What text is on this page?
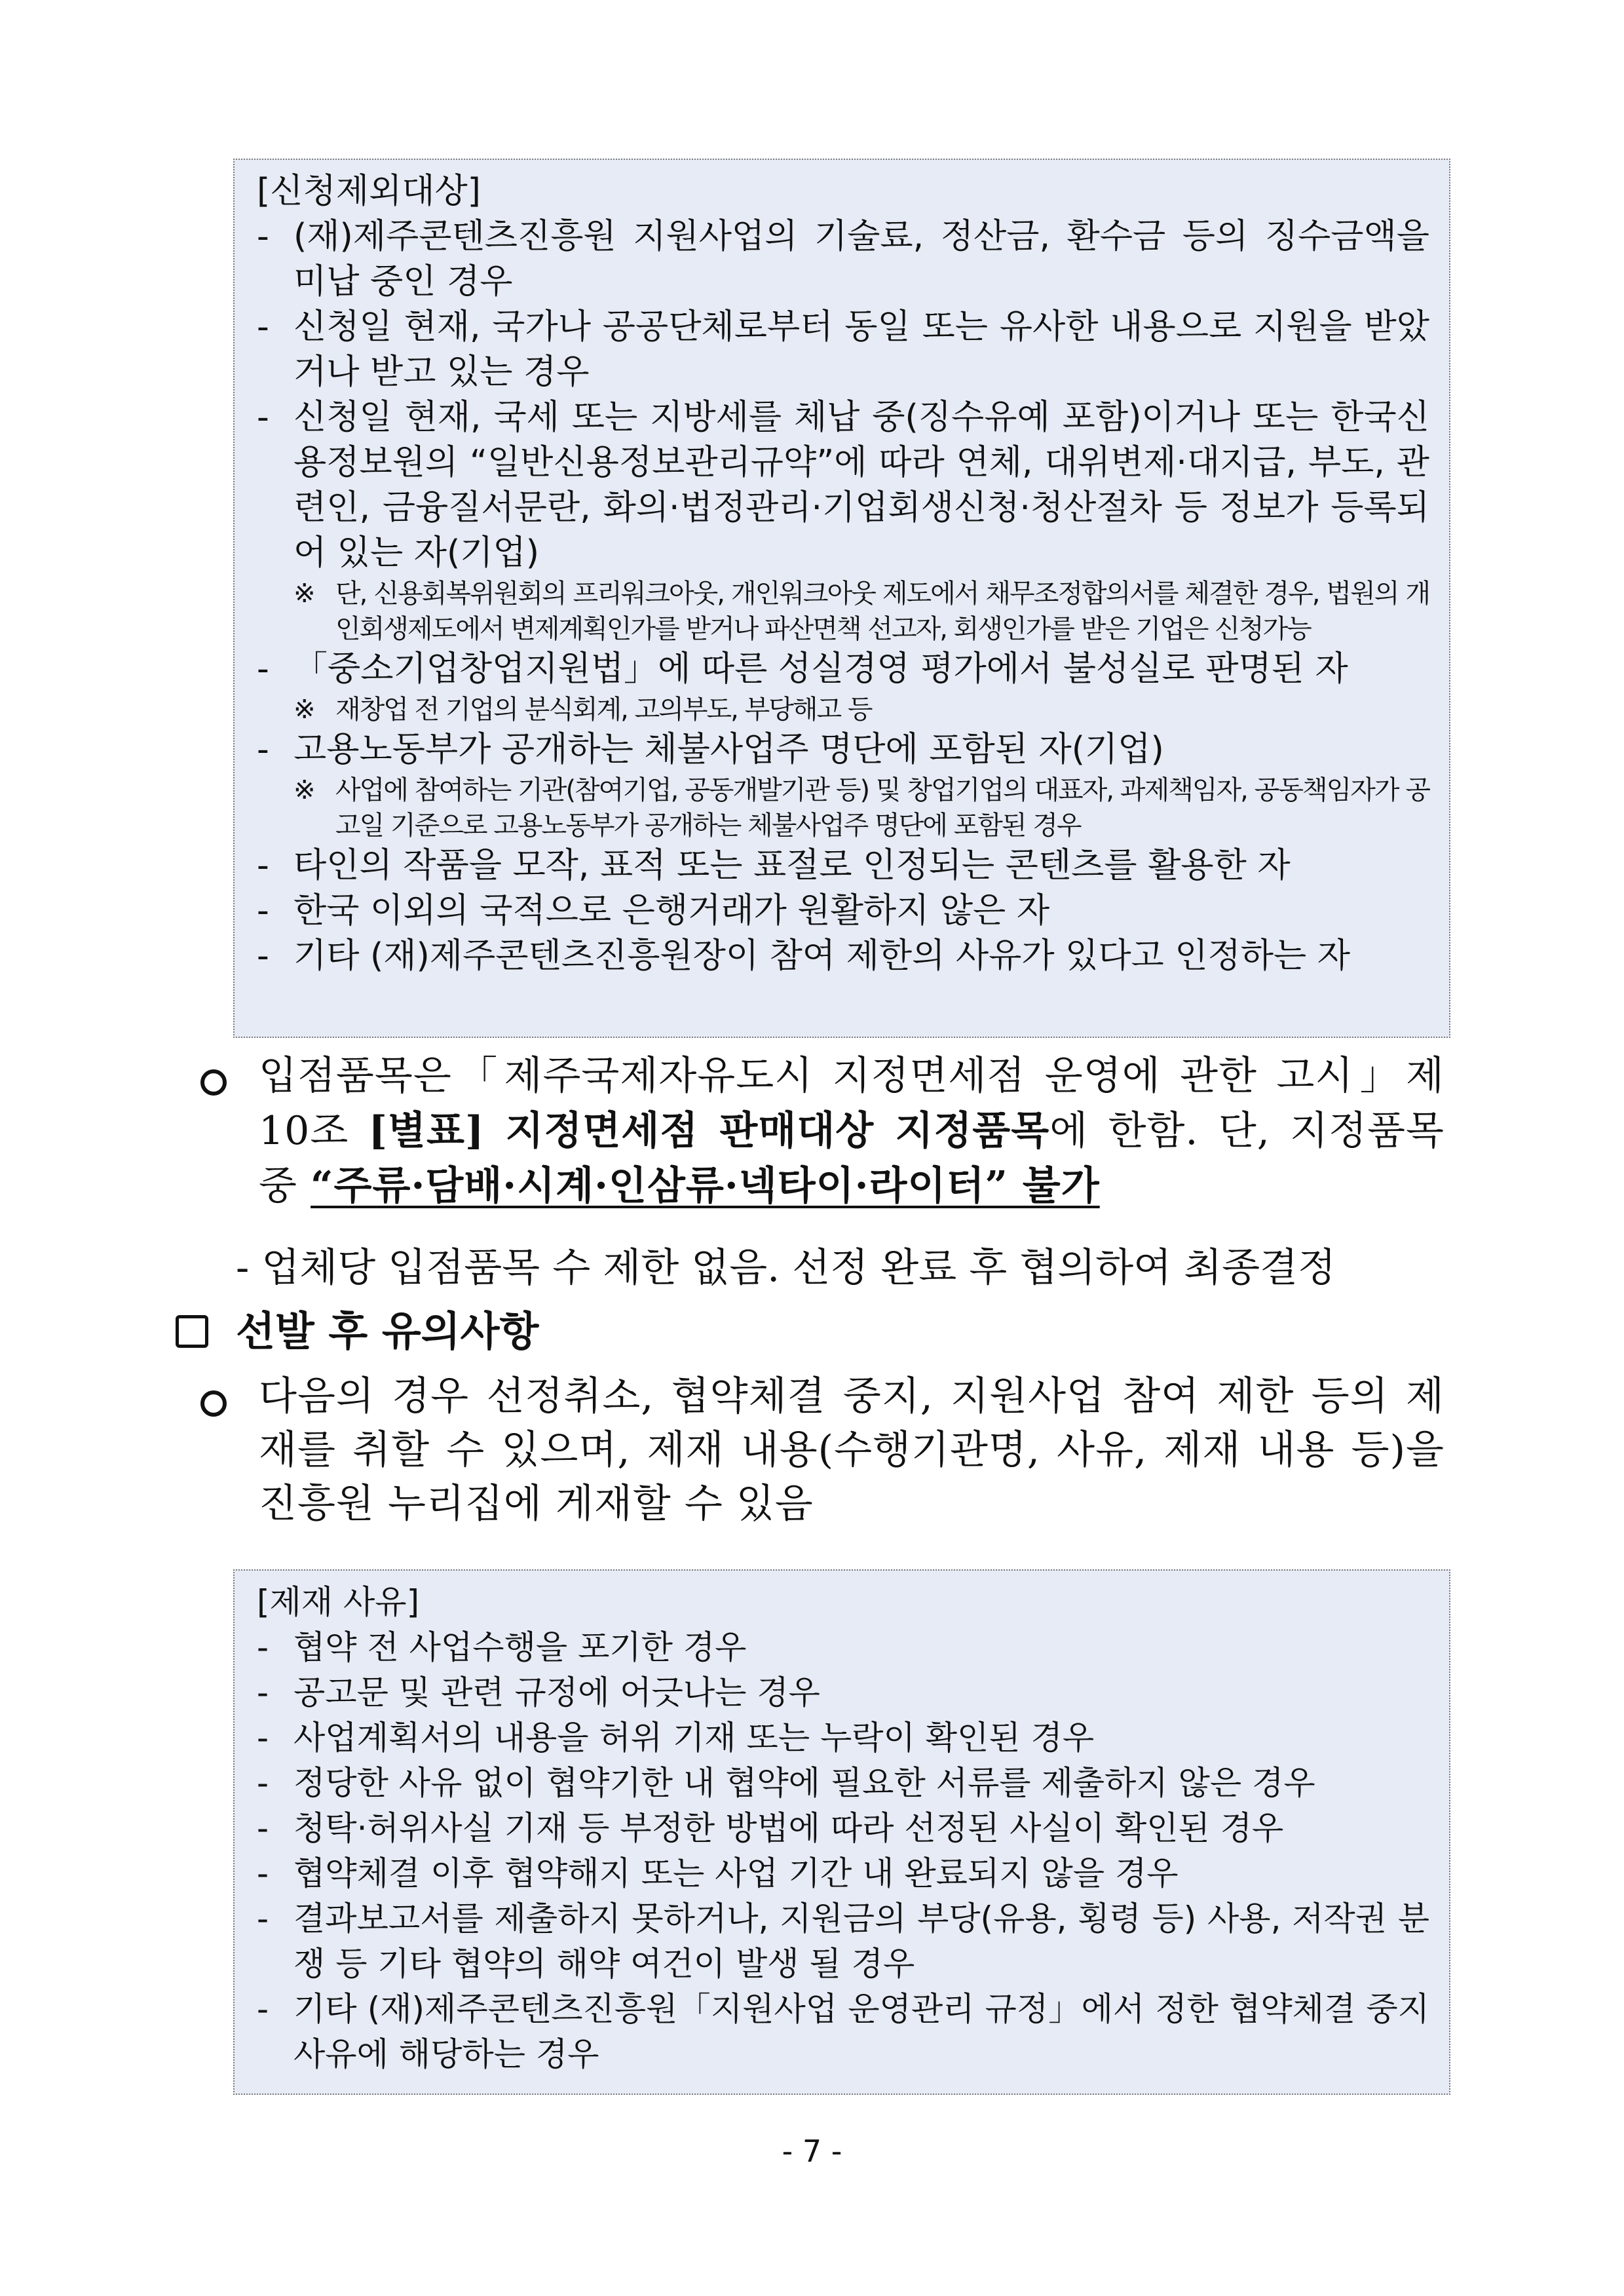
[신청제외대상]
- (재)제주콘텐츠진흥원 지원사업의 기술료, 정산금, 환수금 등의 징수금액을 미납 중인 경우
- 신청일 현재, 국가나 공공단체로부터 동일 또는 유사한 내용으로 지원을 받았거나 받고 있는 경우
- 신청일 현재, 국세 또는 지방세를 체납 중(징수유예 포함)이거나 또는 한국신용정보원의 “일반신용정보관리규약”에 따라 연체, 대위변제·대지급, 부도, 관련인, 금융질서문란, 화의·법정관리·기업회생신청·청산절차 등 정보가 등록되어 있는 자(기업)
※ 단, 신용회복위원회의 프리워크아웃, 개인워크아웃 제도에서 채무조정합의서를 체결한 경우, 법원의 개인회생제도에서 변제계획인가를 받거나 파산면책 선고자, 회생인가를 받은 기업은 신청가능
- 「중소기업창업지원법」에 따른 성실경영 평가에서 불성실로 판명된 자
※ 재창업 전 기업의 분식회계, 고의부도, 부당해고 등
- 고용노동부가 공개하는 체불사업주 명단에 포함된 자(기업)
※ 사업에 참여하는 기관(참여기업, 공동개발기관 등) 및 창업기업의 대표자, 과제책임자, 공동책임자가 공고일 기준으로 고용노동부가 공개하는 체불사업주 명단에 포함된 경우
- 타인의 작품을 모작, 표적 또는 표절로 인정되는 콘텐츠를 활용한 자
- 한국 이외의 국적으로 은행거래가 원활하지 않은 자
- 기타 (재)제주콘텐츠진흥원장이 참여 제한의 사유가 있다고 인정하는 자
입점품목은「제주국제자유도시 지정면세점 운영에 관한 고시」제10조 [별표] 지정면세점 판매대상 지정품목에 한함. 단, 지정품목 중 “주류·담배·시계·인삼류·넥타이·라이터” 불가
- 업체당 입점품목 수 제한 없음. 선정 완료 후 협의하여 최종결정
선발 후 유의사항
다음의 경우 선정취소, 협약체결 중지, 지원사업 참여 제한 등의 제재를 취할 수 있으며, 제재 내용(수행기관명, 사유, 제재 내용 등)을 진흥원 누리집에 게재할 수 있음
[제재 사유]
- 협약 전 사업수행을 포기한 경우
- 공고문 및 관련 규정에 어긋나는 경우
- 사업계획서의 내용을 허위 기재 또는 누락이 확인된 경우
- 정당한 사유 없이 협약기한 내 협약에 필요한 서류를 제출하지 않은 경우
- 청탁·허위사실 기재 등 부정한 방법에 따라 선정된 사실이 확인된 경우
- 협약체결 이후 협약해지 또는 사업 기간 내 완료되지 않을 경우
- 결과보고서를 제출하지 못하거나, 지원금의 부당(유용, 횡령 등) 사용, 저작권 분쟁 등 기타 협약의 해약 여건이 발생 될 경우
- 기타 (재)제주콘텐츠진흥원「지원사업 운영관리 규정」에서 정한 협약체결 중지 사유에 해당하는 경우
- 7 -
